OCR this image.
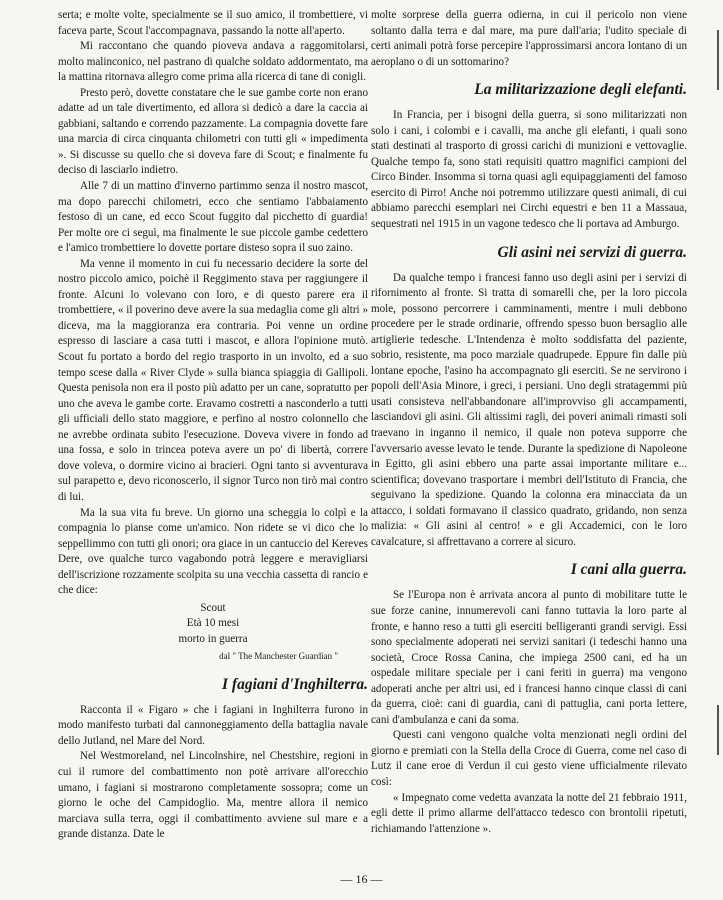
serta; e molte volte, specialmente se il suo amico, il trombettiere, vi faceva parte, Scout l'accompagnava, passando la notte all'aperto.

Mi raccontano che quando pioveva andava a raggomitolarsi, molto malinconico, nel pastrano di qualche soldato addormentato, ma la mattina ritornava allegro come prima alla ricerca di tane di conigli.

Presto però, dovette constatare che le sue gambe corte non erano adatte ad un tale divertimento, ed allora si dedicò a dare la caccia ai gabbiani, saltando e correndo pazzamente. La compagnia dovette fare una marcia di circa cinquanta chilometri con tutti gli « impedimenta ». Si discusse su quello che si doveva fare di Scout; e finalmente fu deciso di lasciarlo indietro.

Alle 7 di un mattino d'inverno partimmo senza il nostro mascot, ma dopo parecchi chilometri, ecco che sentiamo l'abbaiamento festoso di un cane, ed ecco Scout fuggito dal picchetto di guardia! Per molte ore ci seguì, ma finalmente le sue piccole gambe cedettero e l'amico trombettiere lo dovette portare disteso sopra il suo zaino.

Ma venne il momento in cui fu necessario decidere la sorte del nostro piccolo amico, poichè il Reggimento stava per raggiungere il fronte. Alcuni lo volevano con loro, e di questo parere era il trombettiere, « il poverino deve avere la sua medaglia come gli altri » diceva, ma la maggioranza era contraria. Poi venne un ordine espresso di lasciare a casa tutti i mascot, e allora l'opinione mutò. Scout fu portato a bordo del regio trasporto in un involto, ed a suo tempo scese dalla « River Clyde » sulla bianca spiaggia di Gallipoli. Questa penisola non era il posto più adatto per un cane, sopratutto per uno che aveva le gambe corte. Eravamo costretti a nasconderlo a tutti gli ufficiali dello stato maggiore, e perfino al nostro colonnello che ne avrebbe ordinata subito l'esecuzione. Doveva vivere in fondo ad una fossa, e solo in trincea poteva avere un po' di libertà, correre dove voleva, o dormire vicino ai bracieri. Ogni tanto si avventurava sul parapetto e, devo riconoscerlo, il signor Turco non tirò mai contro di lui.

Ma la sua vita fu breve. Un giorno una scheggia lo colpì e la compagnia lo pianse come un'amico. Non ridete se vi dico che lo seppellimmo con tutti gli onori; ora giace in un cantuccio del Kereves Dere, ove qualche turco vagabondo potrà leggere e meravigliarsi dell'iscrizione rozzamente scolpita su una vecchia cassetta di rancio e che dice:

Scout
Età 10 mesi
morto in guerra
dal " The Manchester Guardian "
I fagiani d'Inghilterra.

Racconta il « Figaro » che i fagiani in Inghilterra furono in modo manifesto turbati dal cannoneggiamento della battaglia navale dello Jutland, nel Mare del Nord.

Nel Westmoreland, nel Lincolnshire, nel Chestshire, regioni in cui il rumore del combattimento non potè arrivare all'orecchio umano, i fagiani si mostrarono completamente sossopra; come un giorno le oche del Campidoglio. Ma, mentre allora il nemico marciava sulla terra, oggi il combattimento avviene sul mare e a grande distanza. Date le

molte sorprese della guerra odierna, in cui il pericolo non viene soltanto dalla terra e dal mare, ma pure dall'aria; l'udito speciale di certi animali potrà forse percepire l'approssimarsi ancora lontano di un aeroplano o di un sottomarino?

La militarizzazione degli elefanti.

In Francia, per i bisogni della guerra, si sono militarizzati non solo i cani, i colombi e i cavalli, ma anche gli elefanti, i quali sono stati destinati al trasporto di grossi carichi di munizioni e vettovaglie. Qualche tempo fa, sono stati requisiti quattro magnifici campioni del Circo Binder. Insomma si torna quasi agli equipaggiamenti del famoso esercito di Pirro! Anche noi potremmo utilizzare questi animali, di cui abbiamo parecchi esemplari nei Circhi equestri e ben 11 a Massaua, sequestrati nel 1915 in un vagone tedesco che li portava ad Amburgo.

Gli asini nei servizi di guerra.

Da qualche tempo i francesi fanno uso degli asini per i servizi di rifornimento al fronte. Si tratta di somarelli che, per la loro piccola mole, possono percorrere i camminamenti, mentre i muli debbono procedere per le strade ordinarie, offrendo spesso buon bersaglio alle artiglierie tedesche. L'Intendenza è molto soddisfatta del paziente, sobrio, resistente, ma poco marziale quadrupede. Eppure fin dalle più lontane epoche, l'asino ha accompagnato gli eserciti. Se ne servirono i popoli dell'Asia Minore, i greci, i persiani. Uno degli stratagemmi più usati consisteva nell'abbandonare all'improvviso gli accampamenti, lasciandovi gli asini. Gli altissimi ragli, dei poveri animali rimasti soli traevano in inganno il nemico, il quale non poteva supporre che l'avversario avesse levato le tende. Durante la spedizione di Napoleone in Egitto, gli asini ebbero una parte assai importante militare e... scientifica; dovevano trasportare i membri dell'Istituto di Francia, che seguivano la spedizione. Quando la colonna era minacciata da un attacco, i soldati formavano il classico quadrato, gridando, non senza malizia: « Gli asini al centro! » e gli Accademici, con le loro cavalcature, si affrettavano a correre al sicuro.

I cani alla guerra.

Se l'Europa non è arrivata ancora al punto di mobilitare tutte le sue forze canine, innumerevoli cani fanno tuttavia la loro parte al fronte, e hanno reso a tutti gli eserciti belligeranti grandi servigi. Essi sono specialmente adoperati nei servizi sanitari (i tedeschi hanno una società, Croce Rossa Canina, che impiega 2500 cani, ed ha un ospedale militare speciale per i cani feriti in guerra) ma vengono adoperati anche per altri usi, ed i francesi hanno cinque classi di cani da guerra, cioè: cani di guardia, cani di pattuglia, cani porta lettere, cani d'ambulanza e cani da soma.

Questi cani vengono qualche volta menzionati negli ordini del giorno e premiati con la Stella della Croce di Guerra, come nel caso di Lutz il cane eroe di Verdun il cui gesto viene ufficialmente rilevato così:

« Impegnato come vedetta avanzata la notte del 21 febbraio 1911, egli dette il primo allarme dell'attacco tedesco con brontolii ripetuti, richiamando l'attenzione ».

— 16 —
